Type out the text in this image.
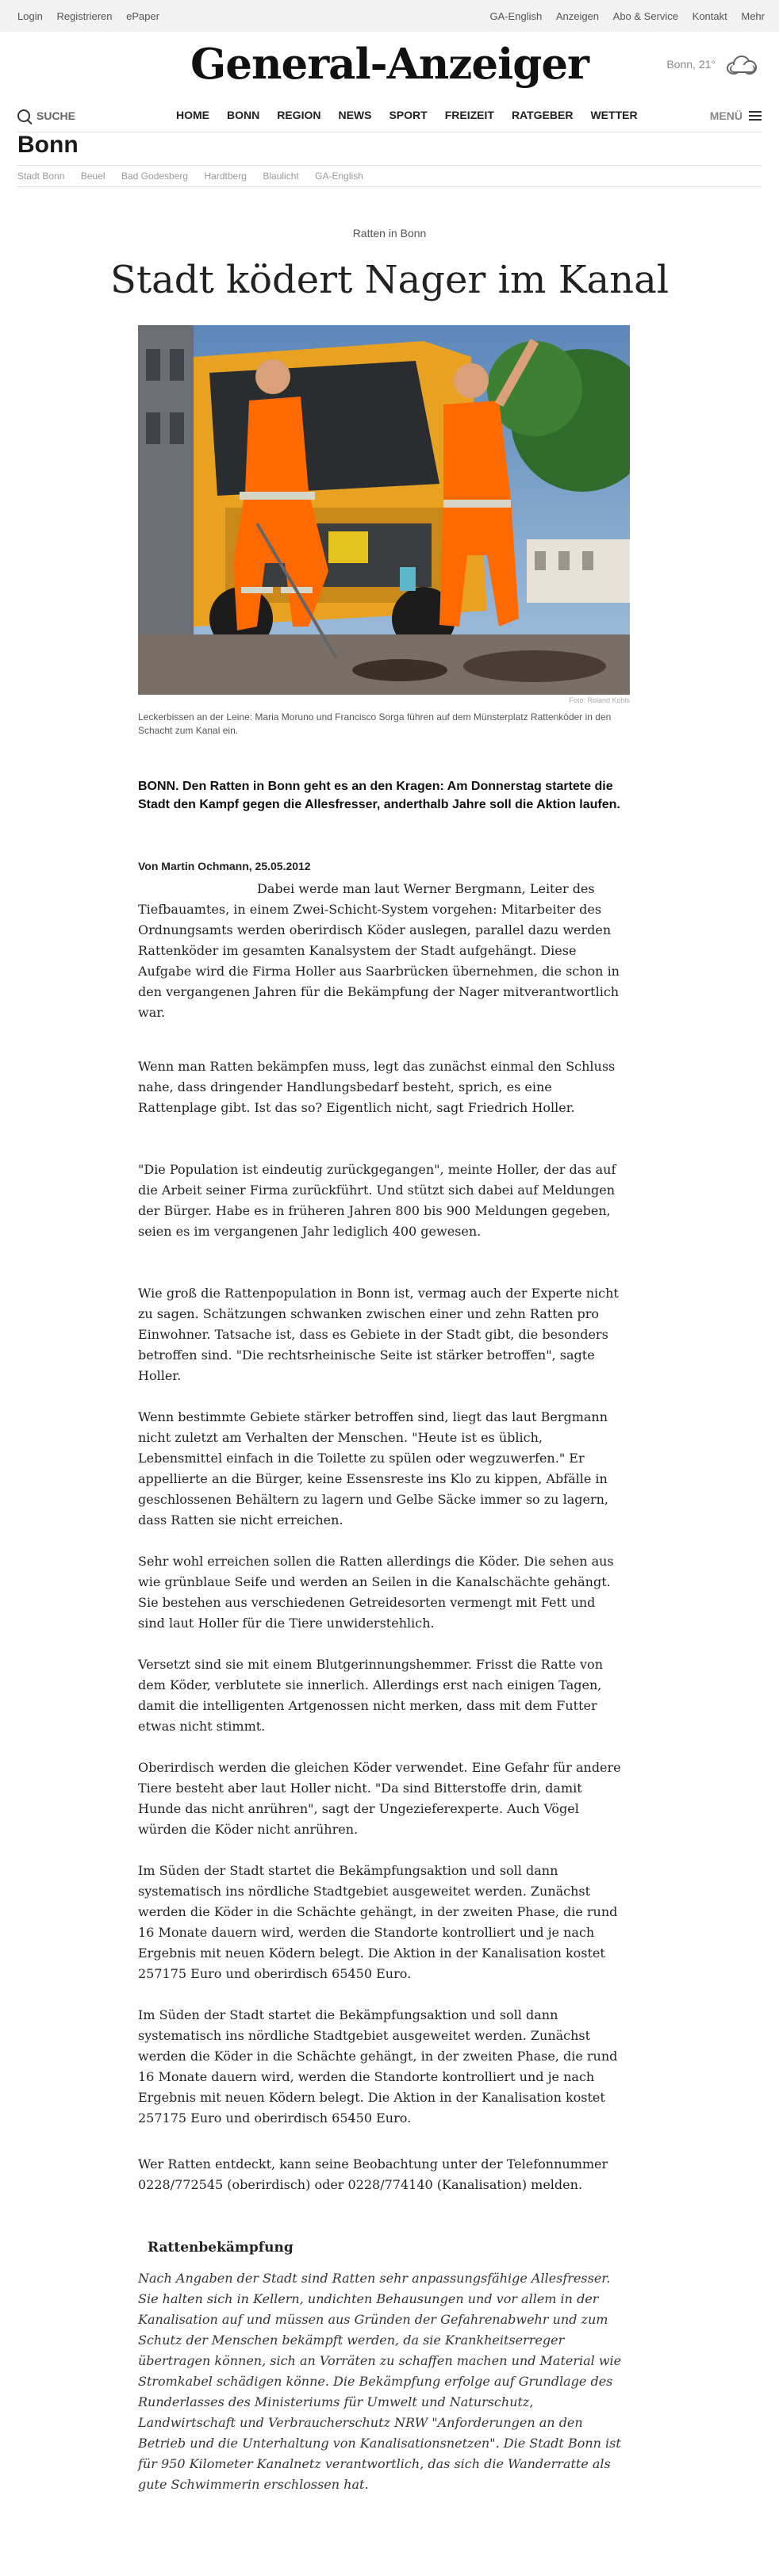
Login Registrieren ePaper	GA-English Anzeigen Abo & Service Kontakt Mehr
General-Anzeiger	Bonn, 21°
SUCHE	HOME BONN REGION NEWS SPORT FREIZEIT RATGEBER WETTER	MENÜ
Bonn
Stadt Bonn Beuel Bad Godesberg Hardtberg Blaulicht GA-English
Ratten in Bonn
Stadt ködert Nager im Kanal
Foto: Roland Kohls
Leckerbissen an der Leine: Maria Moruno und Francisco Sorga führen auf dem Münsterplatz Rattenköder in den Schacht zum Kanal ein.
BONN. Den Ratten in Bonn geht es an den Kragen: Am Donnerstag startete die Stadt den Kampf gegen die Allesfresser, anderthalb Jahre soll die Aktion laufen.
Von Martin Ochmann, 25.05.2012

Dabei werde man laut Werner Bergmann, Leiter des Tiefbauamtes, in einem Zwei-Schicht-System vorgehen: Mitarbeiter des Ordnungsamts werden oberirdisch Köder auslegen, parallel dazu werden Rattenköder im gesamten Kanalsystem der Stadt aufgehängt. Diese Aufgabe wird die Firma Holler aus Saarbrücken übernehmen, die schon in den vergangenen Jahren für die Bekämpfung der Nager mitverantwortlich war.

Wenn man Ratten bekämpfen muss, legt das zunächst einmal den Schluss nahe, dass dringender Handlungsbedarf besteht, sprich, es eine Rattenplage gibt. Ist das so? Eigentlich nicht, sagt Friedrich Holler.

"Die Population ist eindeutig zurückgegangen", meinte Holler, der das auf die Arbeit seiner Firma zurückführt. Und stützt sich dabei auf Meldungen der Bürger. Habe es in früheren Jahren 800 bis 900 Meldungen gegeben, seien es im vergangenen Jahr lediglich 400 gewesen.

Wie groß die Rattenpopulation in Bonn ist, vermag auch der Experte nicht zu sagen. Schätzungen schwanken zwischen einer und zehn Ratten pro Einwohner. Tatsache ist, dass es Gebiete in der Stadt gibt, die besonders betroffen sind. "Die rechtsrheinische Seite ist stärker betroffen", sagte Holler.

Wenn bestimmte Gebiete stärker betroffen sind, liegt das laut Bergmann nicht zuletzt am Verhalten der Menschen. "Heute ist es üblich, Lebensmittel einfach in die Toilette zu spülen oder wegzuwerfen." Er appellierte an die Bürger, keine Essensreste ins Klo zu kippen, Abfälle in geschlossenen Behältern zu lagern und Gelbe Säcke immer so zu lagern, dass Ratten sie nicht erreichen.

Sehr wohl erreichen sollen die Ratten allerdings die Köder. Die sehen aus wie grünblaue Seife und werden an Seilen in die Kanalschächte gehängt. Sie bestehen aus verschiedenen Getreidesorten vermengt mit Fett und sind laut Holler für die Tiere unwiderstehlich.

Versetzt sind sie mit einem Blutgerinnungshemmer. Frisst die Ratte von dem Köder, verblutete sie innerlich. Allerdings erst nach einigen Tagen, damit die intelligenten Artgenossen nicht merken, dass mit dem Futter etwas nicht stimmt.

Oberirdisch werden die gleichen Köder verwendet. Eine Gefahr für andere Tiere besteht aber laut Holler nicht. "Da sind Bitterstoffe drin, damit Hunde das nicht anrühren", sagt der Ungezieferexperte. Auch Vögel würden die Köder nicht anrühren.

Im Süden der Stadt startet die Bekämpfungsaktion und soll dann systematisch ins nördliche Stadtgebiet ausgeweitet werden. Zunächst werden die Köder in die Schächte gehängt, in der zweiten Phase, die rund 16 Monate dauern wird, werden die Standorte kontrolliert und je nach Ergebnis mit neuen Ködern belegt. Die Aktion in der Kanalisation kostet 257175 Euro und oberirdisch 65450 Euro.

Im Süden der Stadt startet die Bekämpfungsaktion und soll dann systematisch ins nördliche Stadtgebiet ausgeweitet werden. Zunächst werden die Köder in die Schächte gehängt, in der zweiten Phase, die rund 16 Monate dauern wird, werden die Standorte kontrolliert und je nach Ergebnis mit neuen Ködern belegt. Die Aktion in der Kanalisation kostet 257175 Euro und oberirdisch 65450 Euro.

Wer Ratten entdeckt, kann seine Beobachtung unter der Telefonnummer 0228/772545 (oberirdisch) oder 0228/774140 (Kanalisation) melden.

Rattenbekämpfung
Nach Angaben der Stadt sind Ratten sehr anpassungsfähige Allesfresser. Sie halten sich in Kellern, undichten Behausungen und vor allem in der Kanalisation auf und müssen aus Gründen der Gefahrenabwehr und zum Schutz der Menschen bekämpft werden, da sie Krankheitserreger übertragen können, sich an Vorräten zu schaffen machen und Material wie Stromkabel schädigen könne. Die Bekämpfung erfolge auf Grundlage des Runderlasses des Ministeriums für Umwelt und Naturschutz, Landwirtschaft und Verbraucherschutz NRW "Anforderungen an den Betrieb und die Unterhaltung von Kanalisationsnetzen". Die Stadt Bonn ist für 950 Kilometer Kanalnetz verantwortlich, das sich die Wanderratte als gute Schwimmerin erschlossen hat.
